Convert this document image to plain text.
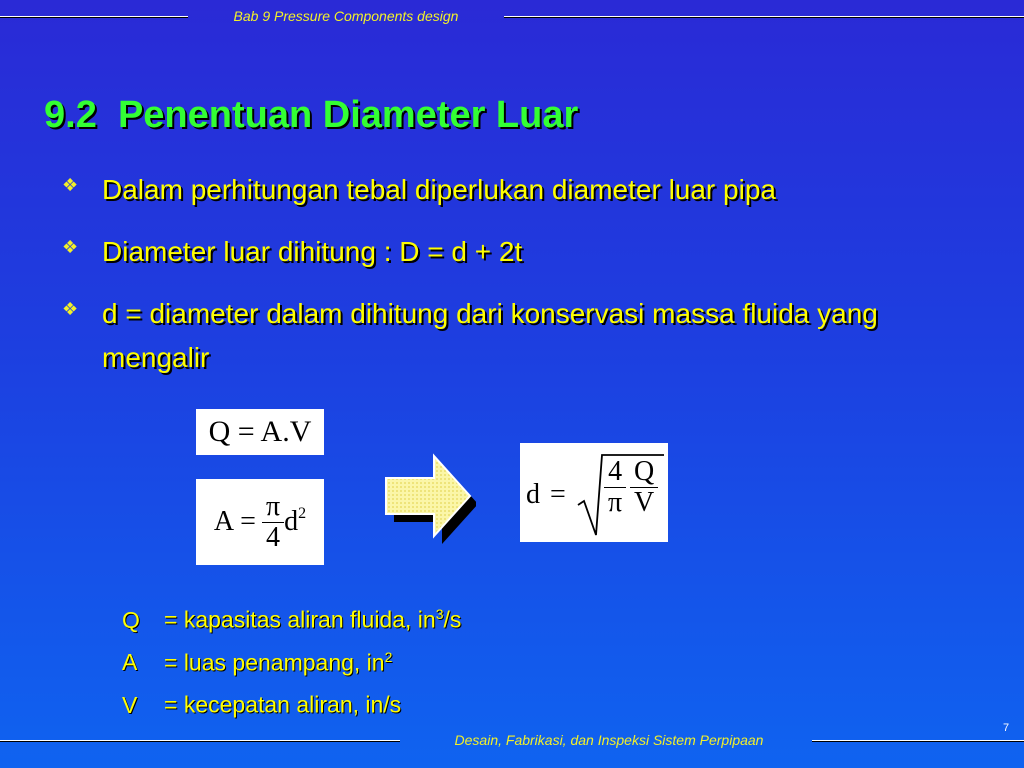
Bab 9 Pressure Components design
9.2  Penentuan Diameter Luar
❖ Dalam perhitungan tebal diperlukan diameter luar pipa
❖ Diameter luar dihitung : D = d + 2t
❖ d = diameter dalam dihitung dari konservasi massa fluida yang mengalir
Q = A.V
$A = \frac{\pi}{4} d^2$
$d = \frac{4}{\pi} \frac{Q}{V}$
Q = kapasitas aliran fluida, $in^3/s$
A = luas penampang, $in^2$
V = kecepatan aliran, in/s
7
Desain, Fabrikasi, dan Inspeksi Sistem Perpipaan
